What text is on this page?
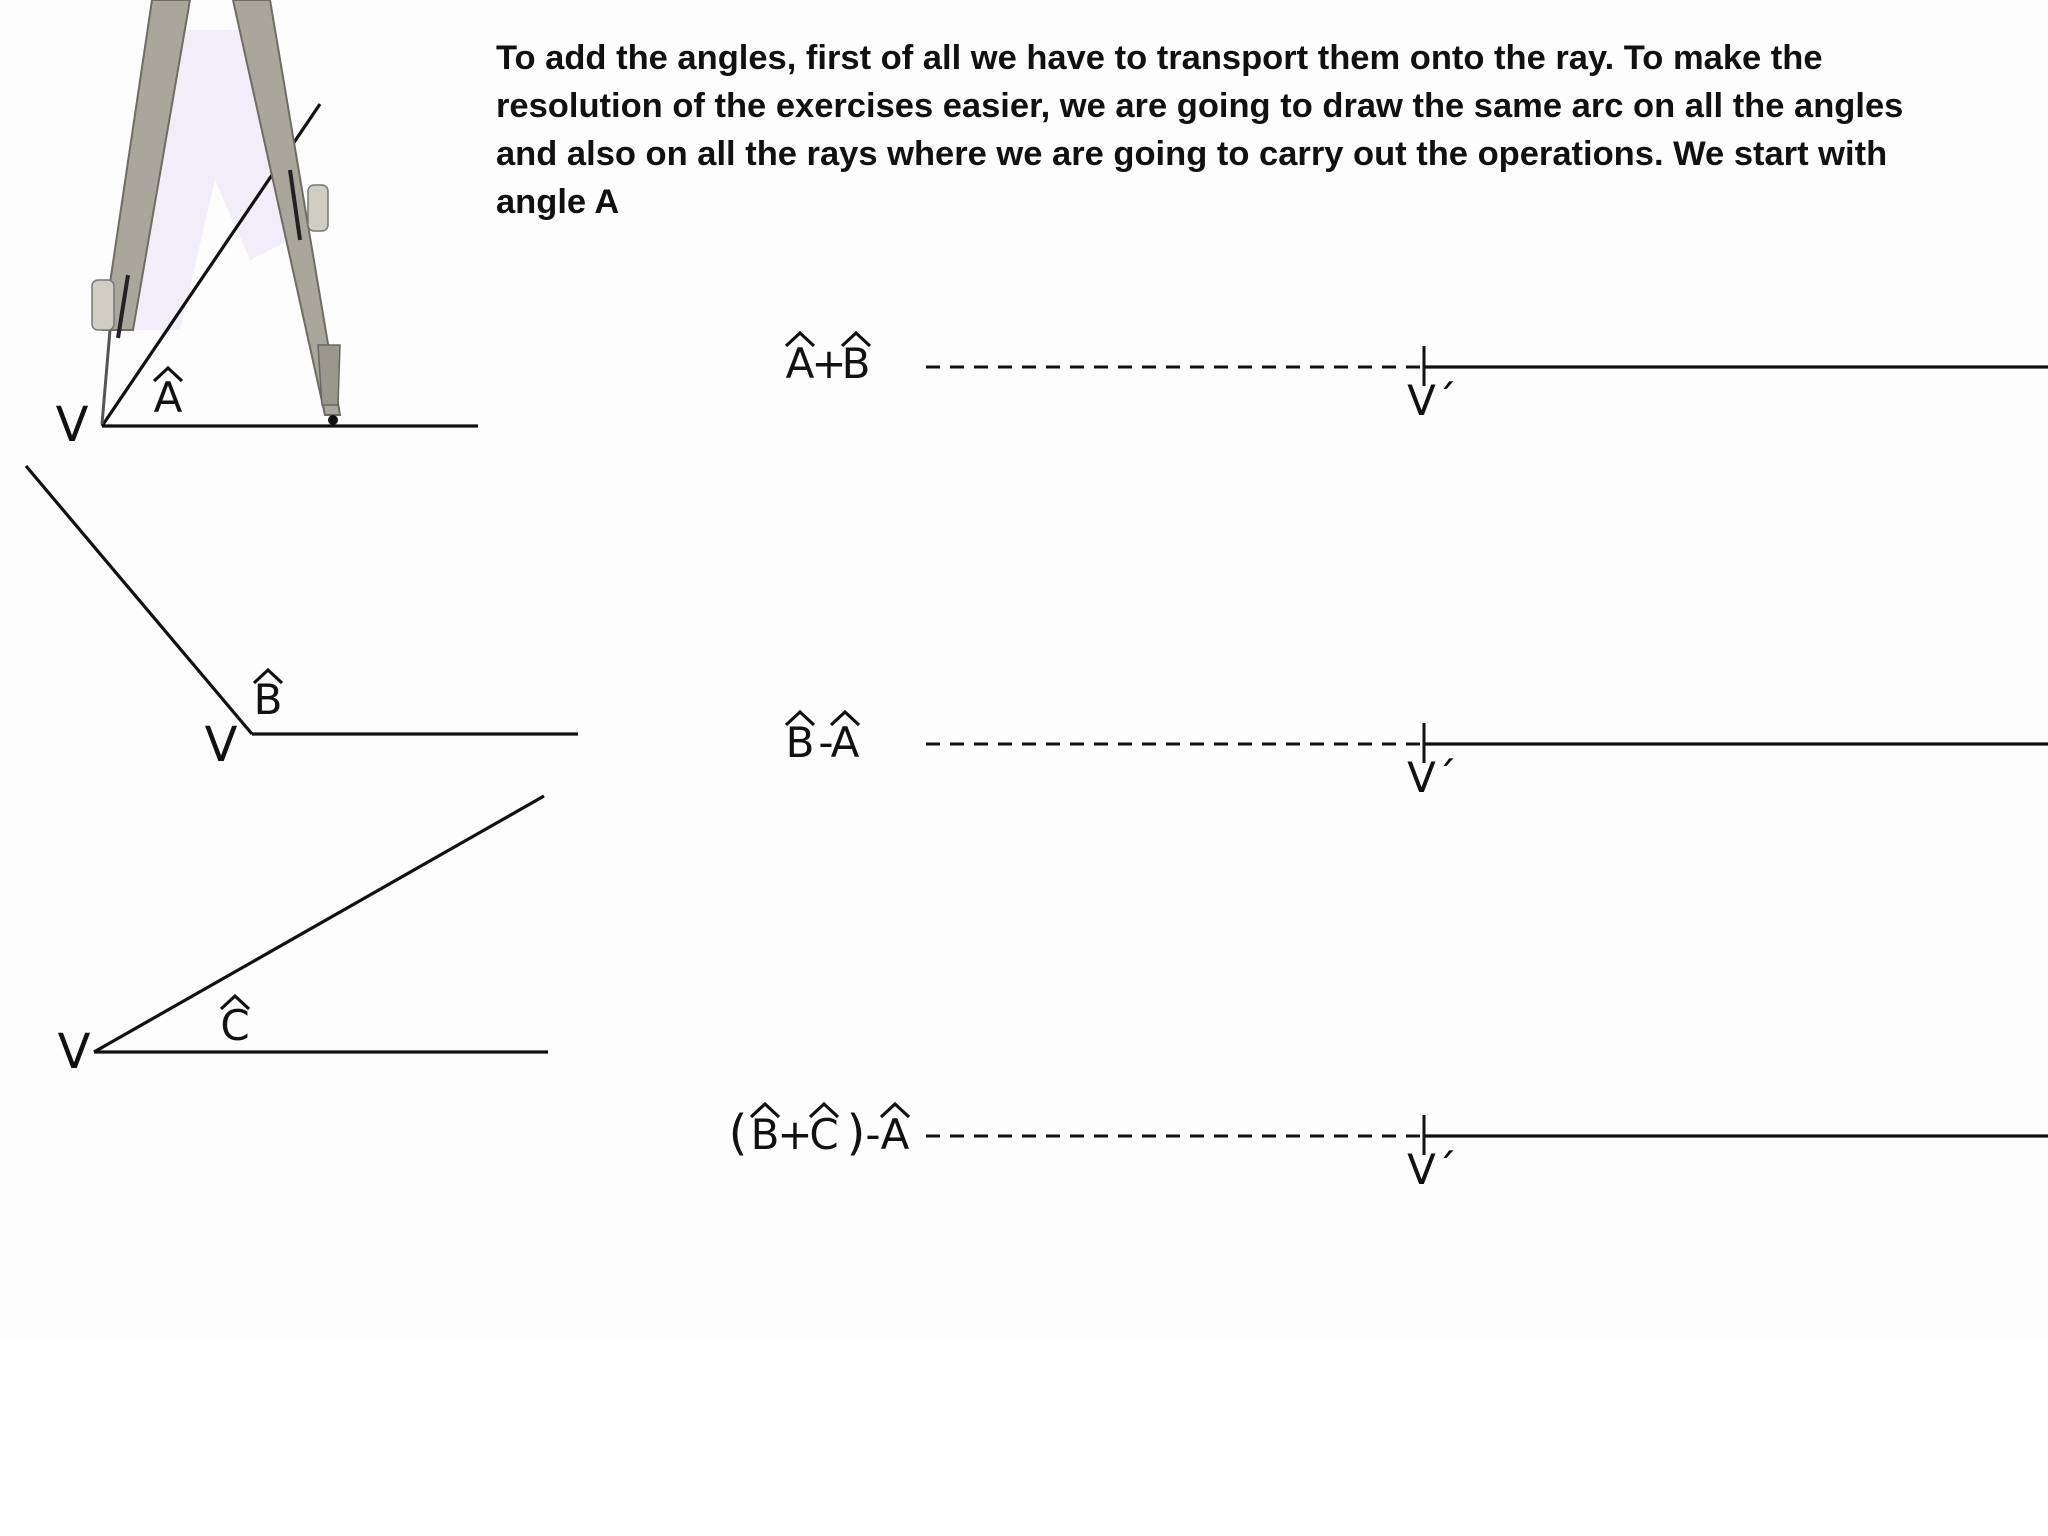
To add the angles, first of all we have to transport them onto the ray. To make the resolution of the exercises easier, we are going to draw the same arc on all the angles and also on all the rays where we are going to carry out the operations. We start with angle A

V A
V
B
V	C
A
+
B
V´
B -
A
V´
( B
+
C ) - A
V´
